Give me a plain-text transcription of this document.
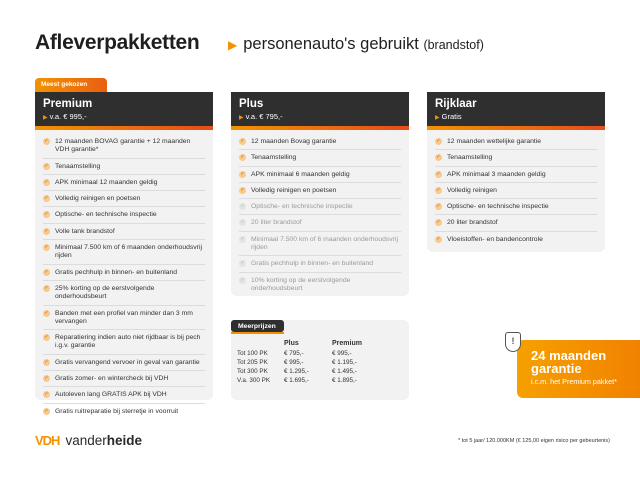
Afleverpakketten ▶ personenauto's gebruikt (brandstof)
Meest gekozen
Premium
▶ v.a. € 995,-
✓ 12 maanden BOVAG garantie + 12 maanden VDH garantie*
✓ Tenaamstelling
✓ APK minimaal 12 maanden geldig
✓ Volledig reinigen en poetsen
✓ Optische- en technische inspectie
✓ Volle tank brandstof
✓ Minimaal 7.500 km of 6 maanden onderhoudsvrij rijden
✓ Gratis pechhulp in binnen- en buitenland
✓ 25% korting op de eerstvolgende onderhoudsbeurt
✓ Banden met een profiel van minder dan 3 mm vervangen
✓ Reparatiering indien auto niet rijdbaar is bij pech i.g.v. garantie
✓ Gratis vervangend vervoer in geval van garantie
✓ Gratis zomer- en wintercheck bij VDH
✓ Autoleven lang GRATIS APK bij VDH
✓ Gratis ruitreparatie bij sterretje in voorruit
Plus
▶ v.a. € 795,-
✓ 12 maanden Bovag garantie
✓ Tenaamstelling
✓ APK minimaal 6 maanden geldig
✓ Volledig reinigen en poetsen
✓ Optische- en technische inspectie
✓ 20 liter brandstof
✓ Minimaal 7.500 km of 6 maanden onderhoudsvrij rijden
✓ Gratis pechhulp in binnen- en buitenland
✓ 10% korting op de eerstvolgende onderhoudsbeurt
Rijklaar
▶ Gratis
✓ 12 maanden wettelijke garantie
✓ Tenaamstelling
✓ APK minimaal 3 maanden geldig
✓ Volledig reinigen
✓ Optische- en technische inspectie
✓ 20 liter brandstof
✓ Vloeistoffen- en bandencontrole
	Plus	Premium
Tot 100 PK	€ 795,-	€ 995,-
Tot 205 PK	€ 995,-	€ 1.195,-
Tot 300 PK	€ 1.295,-	€ 1.495,-
V.a. 300 PK	€ 1.695,-	€ 1.895,-
Meerprijzen
24 maanden
garantie
i.c.m. het Premium pakket*
!
VDH vanderheide	* tot 5 jaar/ 120.000KM (€ 125,00 eigen risico per gebeurtenis)
